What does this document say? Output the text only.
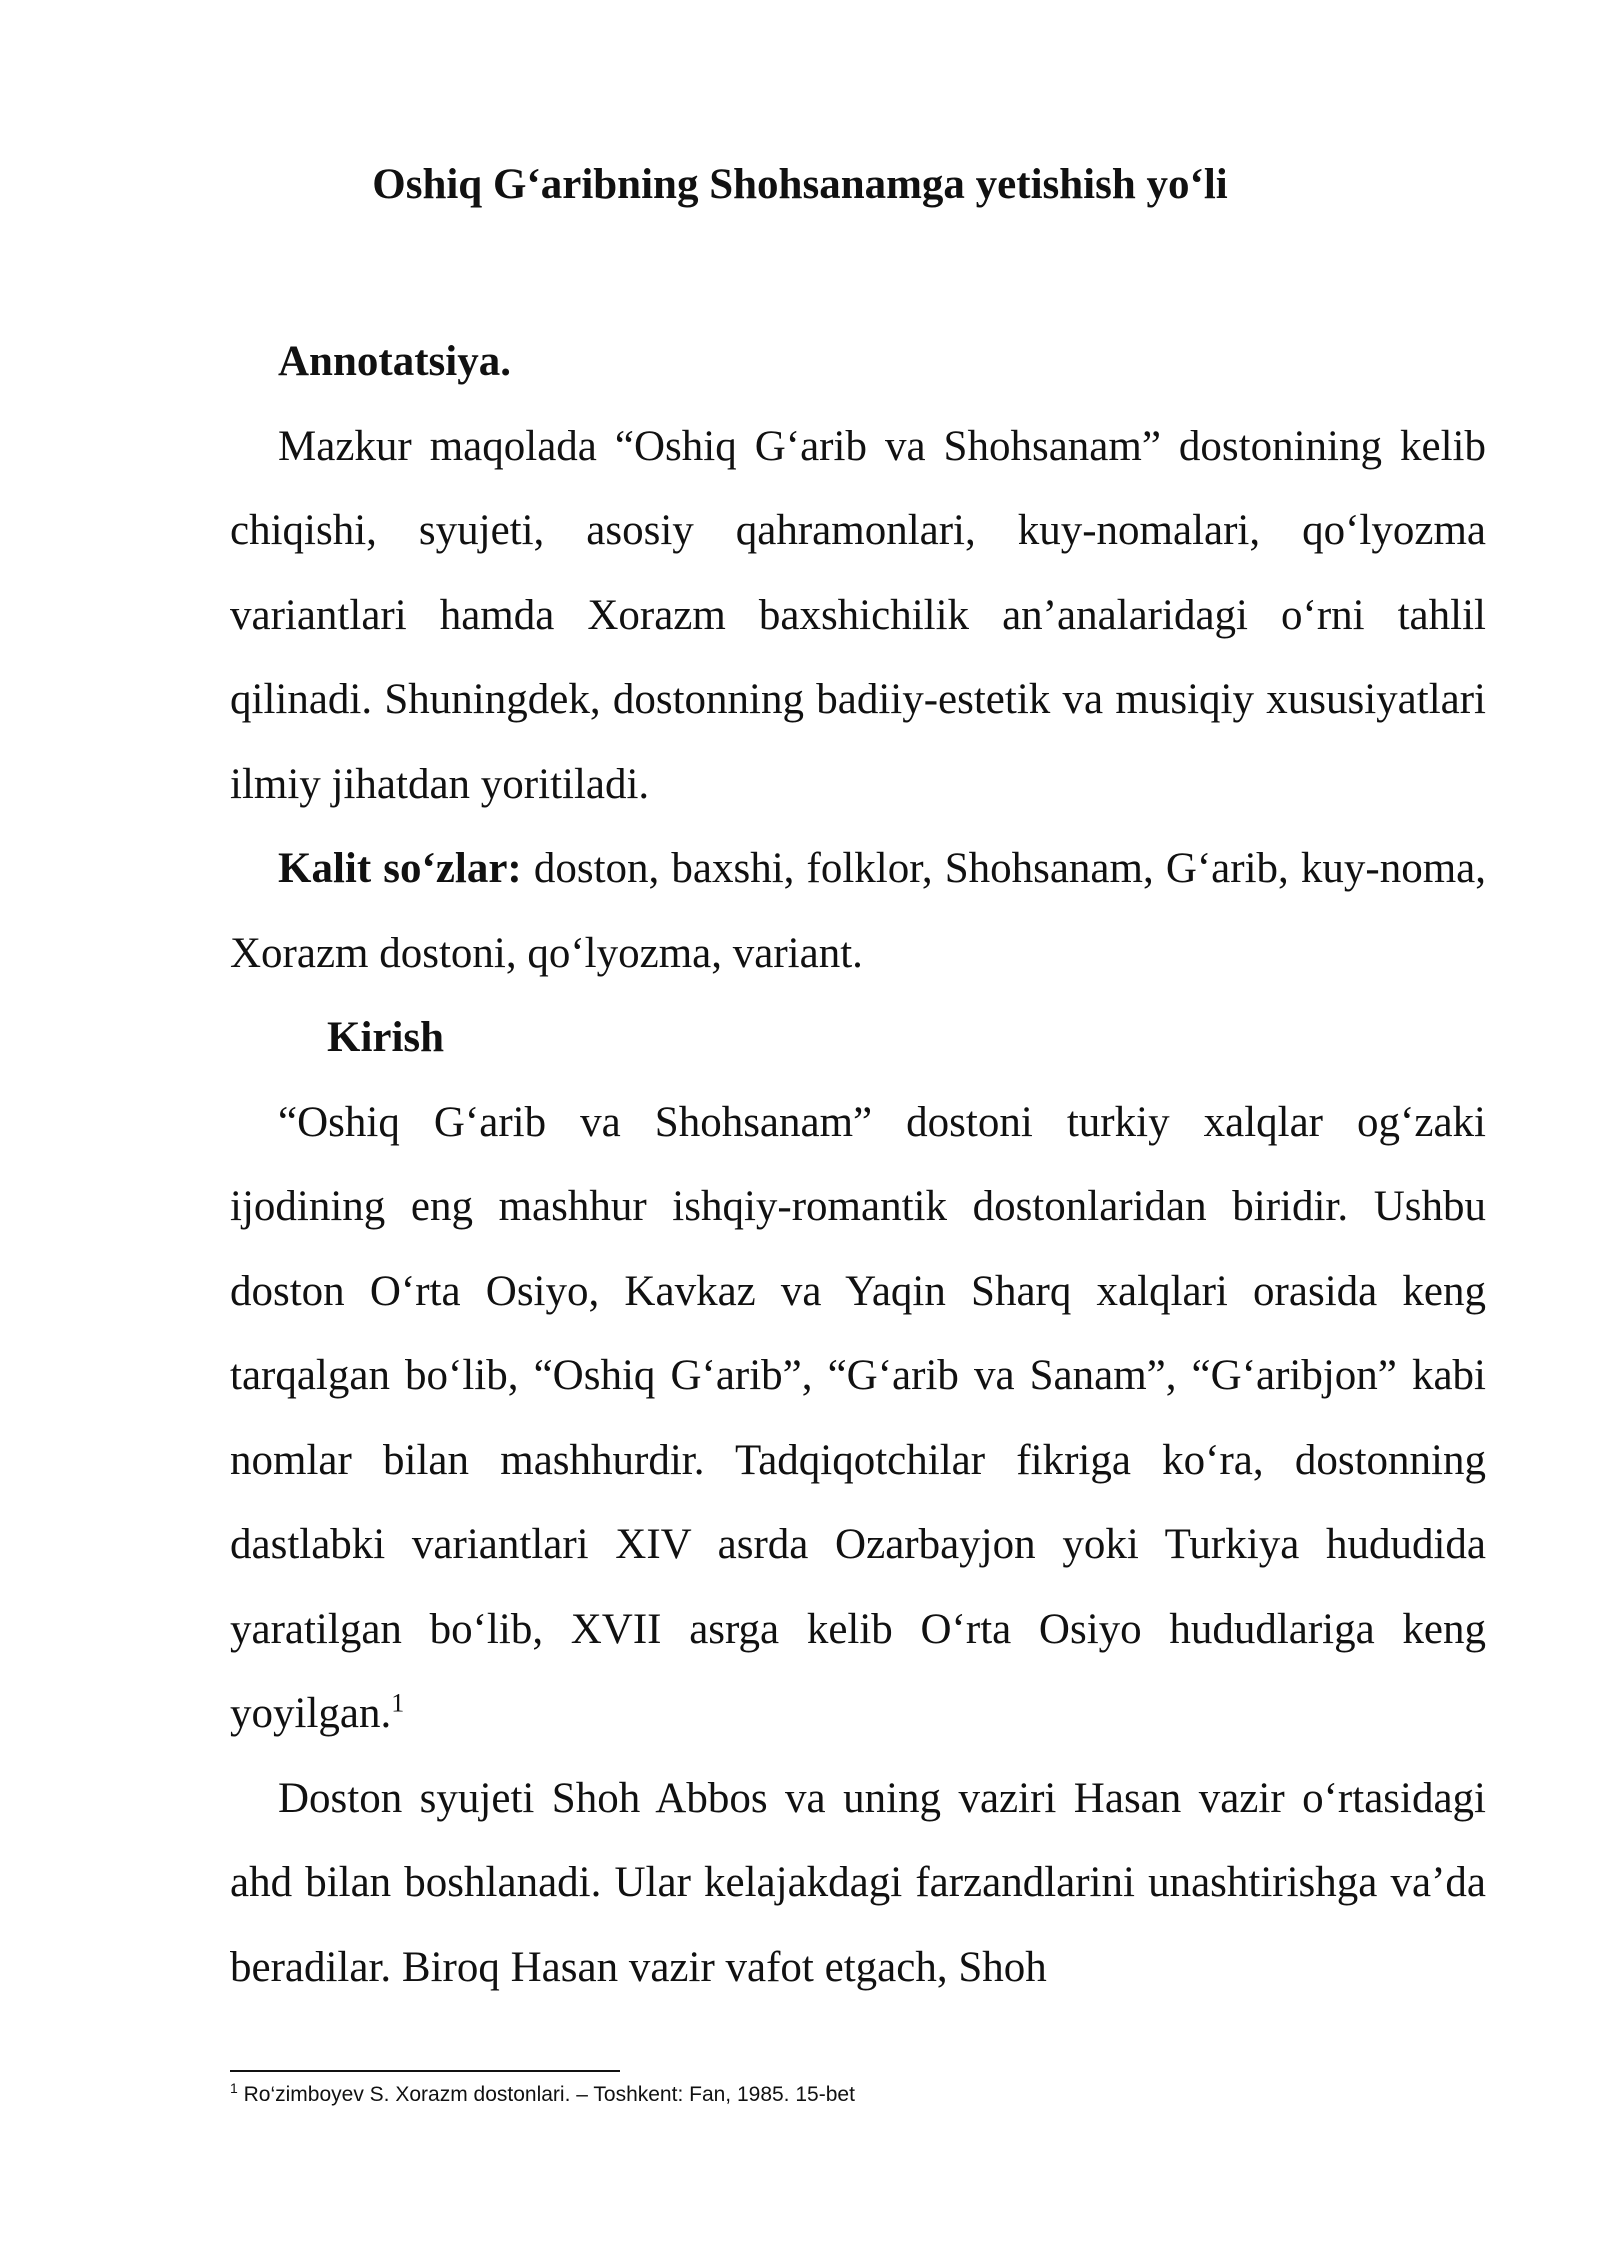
Oshiq G‘aribning Shohsanamga yetishish yo‘li

Annotatsiya.

Mazkur maqolada “Oshiq G‘arib va Shohsanam” dostonining kelib chiqishi, syujeti, asosiy qahramonlari, kuy-nomalari, qo‘lyozma variantlari hamda Xorazm baxshichilik an’analaridagi o‘rni tahlil qilinadi. Shuningdek, dostonning badiiy-estetik va musiqiy xususiyatlari ilmiy jihatdan yoritiladi.

Kalit so‘zlar: doston, baxshi, folklor, Shohsanam, G‘arib, kuy-noma, Xorazm dostoni, qo‘lyozma, variant.

Kirish

“Oshiq G‘arib va Shohsanam” dostoni turkiy xalqlar og‘zaki ijodining eng mashhur ishqiy-romantik dostonlaridan biridir. Ushbu doston O‘rta Osiyo, Kavkaz va Yaqin Sharq xalqlari orasida keng tarqalgan bo‘lib, “Oshiq G‘arib”, “G‘arib va Sanam”, “G‘aribjon” kabi nomlar bilan mashhurdir. Tadqiqotchilar fikriga ko‘ra, dostonning dastlabki variantlari XIV asrda Ozarbayjon yoki Turkiya hududida yaratilgan bo‘lib, XVII asrga kelib O‘rta Osiyo hududlariga keng yoyilgan.$^1$

Doston syujeti Shoh Abbos va uning vaziri Hasan vazir o‘rtasidagi ahd bilan boshlanadi. Ular kelajakdagi farzandlarini unashtirishga va’da beradilar. Biroq Hasan vazir vafot etgach, Shoh

$^1$ Ro‘zimboyev S. Xorazm dostonlari. – Toshkent: Fan, 1985. 15-bet
